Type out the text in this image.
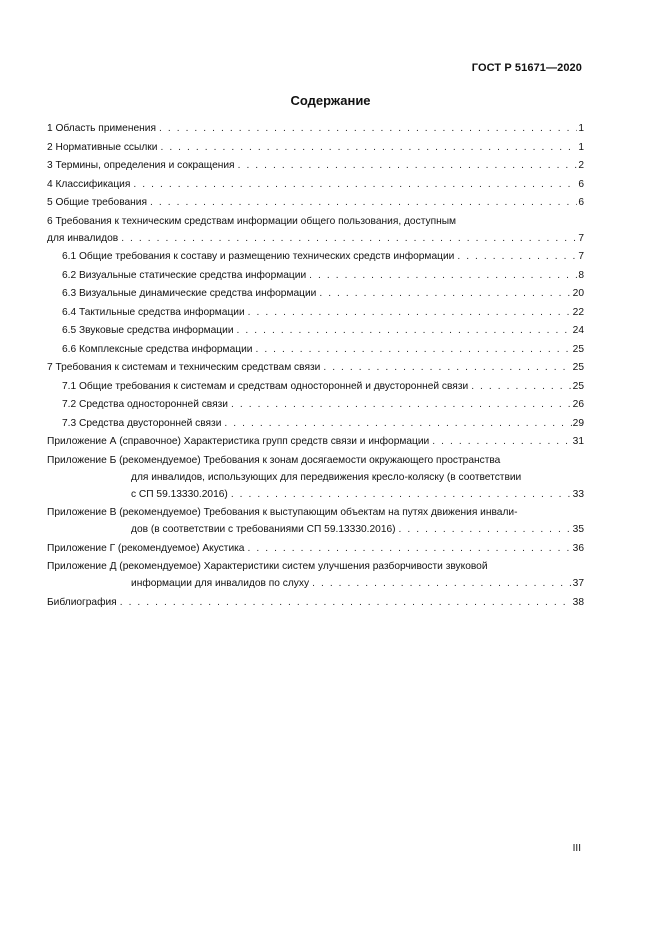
ГОСТ Р 51671—2020
Содержание
1 Область применения . . .	1
2 Нормативные ссылки . . .	1
3 Термины, определения и сокращения . . .	2
4 Классификация . . .	6
5 Общие требования . . .	6
6 Требования к техническим средствам информации общего пользования, доступным
для инвалидов . . .	7
6.1 Общие требования к составу и размещению технических средств информации . . .	7
6.2 Визуальные статические средства информации . . .	8
6.3 Визуальные динамические средства информации . . .	20
6.4 Тактильные средства информации . . .	22
6.5 Звуковые средства информации . . .	24
6.6 Комплексные средства информации . . .	25
7 Требования к системам и техническим средствам связи . . .	25
7.1 Общие требования к системам и средствам односторонней и двусторонней связи . . .	25
7.2 Средства односторонней связи . . .	26
7.3 Средства двусторонней связи . . .	29
Приложение А (справочное) Характеристика групп средств связи и информации . . .	31
Приложение Б (рекомендуемое) Требования к зонам досягаемости окружающего пространства
для инвалидов, использующих для передвижения кресло-коляску (в соответствии
с СП 59.13330.2016) . . .	33
Приложение В (рекомендуемое) Требования к выступающим объектам на путях движения инвали-
дов (в соответствии с требованиями СП 59.13330.2016) . . .	35
Приложение Г (рекомендуемое) Акустика . . .	36
Приложение Д (рекомендуемое) Характеристики систем улучшения разборчивости звуковой
информации для инвалидов по слуху . . .	37
Библиография . . .	38
III
